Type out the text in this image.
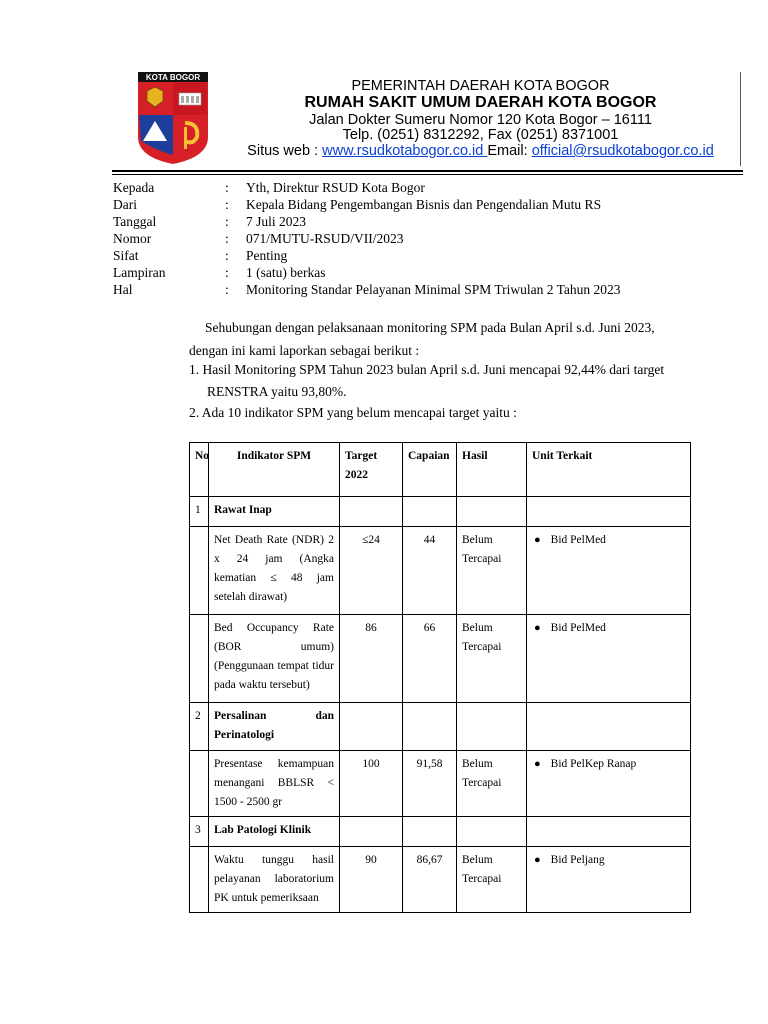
KOTA BOGOR
PEMERINTAH DAERAH KOTA BOGOR
RUMAH SAKIT UMUM DAERAH KOTA BOGOR
Jalan Dokter Sumeru Nomor 120 Kota Bogor – 16111
Telp. (0251) 8312292, Fax (0251) 8371001
Situs web : www.rsudkotabogor.co.id Email: official@rsudkotabogor.co.id
Kepada	: Yth, Direktur RSUD Kota Bogor
Dari	: Kepala Bidang Pengembangan Bisnis dan Pengendalian Mutu RS
Tanggal	: 7 Juli 2023
Nomor	: 071/MUTU-RSUD/VII/2023
Sifat	: Penting
Lampiran	: 1 (satu) berkas
Hal	: Monitoring Standar Pelayanan Minimal SPM Triwulan 2 Tahun 2023
Sehubungan dengan pelaksanaan monitoring SPM pada Bulan April s.d. Juni 2023,
dengan ini kami laporkan sebagai berikut :
1. Hasil Monitoring SPM Tahun 2023 bulan April s.d. Juni mencapai 92,44% dari target
RENSTRA yaitu 93,80%.
2. Ada 10 indikator SPM yang belum mencapai target yaitu :
No	Indikator SPM	Target 2022	Capaian	Hasil	Unit Terkait
1	Rawat Inap				
	Net Death Rate (NDR) 2 x 24 jam (Angka kematian ≤ 48 jam setelah dirawat)	≤24	44	Belum Tercapai	● Bid PelMed

	Bed Occupancy Rate (BOR umum) (Penggunaan tempat tidur pada waktu tersebut)	86	66	Belum Tercapai	● Bid PelMed

2	Persalinan dan Perinatologi				
	Presentase kemampuan menangani BBLSR < 1500 - 2500 gr	100	91,58	Belum Tercapai	● Bid PelKep Ranap

3	Lab Patologi Klinik				
	Waktu tunggu hasil pelayanan laboratorium PK untuk pemeriksaan	90	86,67	Belum Tercapai	● Bid Peljang
